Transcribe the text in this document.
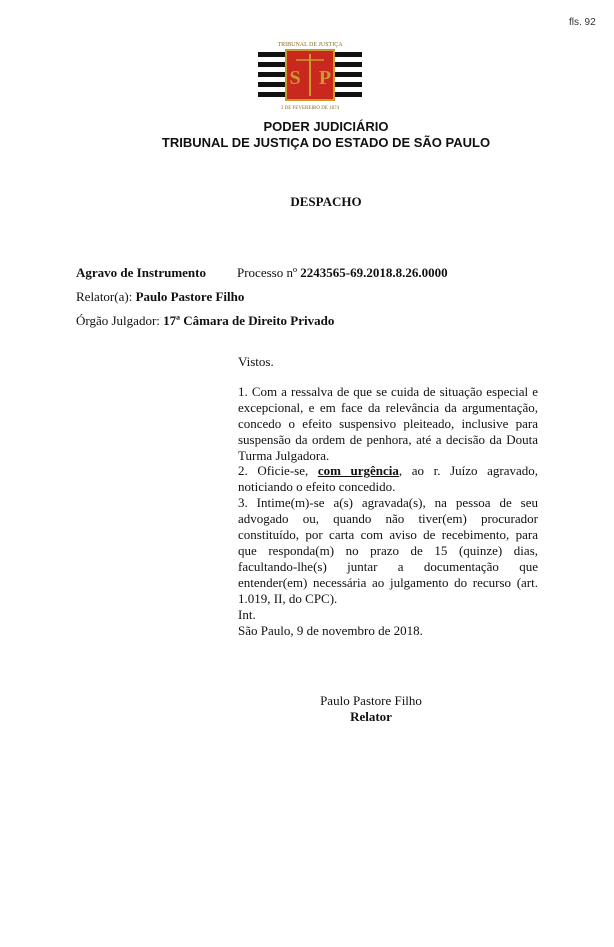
fls. 92
S P
TRIBUNAL DE JUSTIÇA
3 DE FEVEREIRO DE 1874
PODER JUDICIÁRIO
TRIBUNAL DE JUSTIÇA DO ESTADO DE SÃO PAULO
DESPACHO
Agravo de Instrumento Processo nº 2243565-69.2018.8.26.0000
Relator(a): Paulo Pastore Filho
Órgão Julgador: 17ª Câmara de Direito Privado

Vistos.

1. Com a ressalva de que se cuida de situação especial e excepcional, e em face da relevância da argumentação, concedo o efeito suspensivo pleiteado, inclusive para suspensão da ordem de penhora, até a decisão da Douta Turma Julgadora.

2. Oficie-se, com urgência, ao r. Juízo agravado, noticiando o efeito concedido.

3. Intime(m)-se a(s) agravada(s), na pessoa de seu advogado ou, quando não tiver(em) procurador constituído, por carta com aviso de recebimento, para que responda(m) no prazo de 15 (quinze) dias, facultando-lhe(s) juntar a documentação que entender(em) necessária ao julgamento do recurso (art. 1.019, II, do CPC).

Int.

São Paulo, 9 de novembro de 2018.

Paulo Pastore Filho
Relator
